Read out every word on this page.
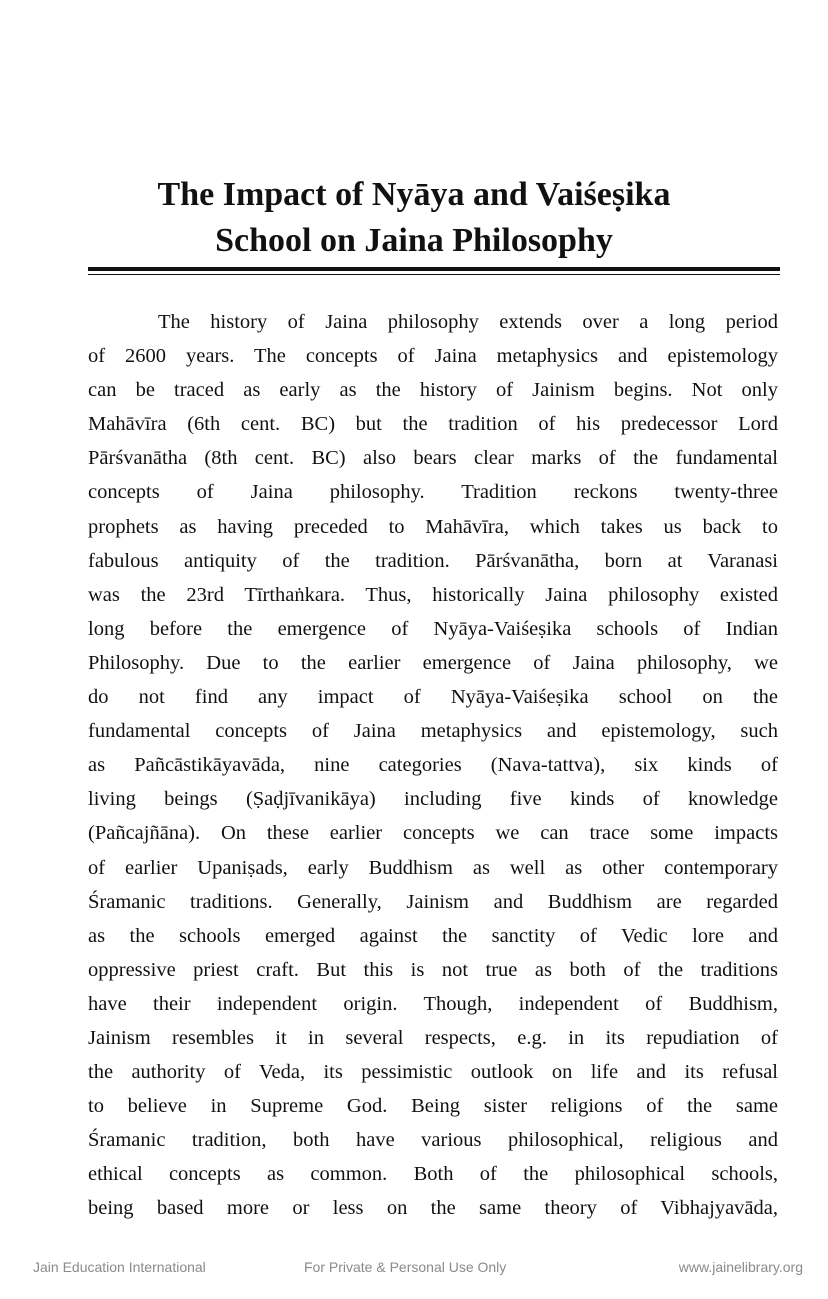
The Impact of Nyāya and Vaiśeṣika
School on Jaina Philosophy
The history of Jaina philosophy extends over a long period
of 2600 years. The concepts of Jaina metaphysics and epistemology
can be traced as early as the history of Jainism begins. Not only
Mahāvīra (6th cent. BC) but the tradition of his predecessor Lord
Pārśvanātha (8th cent. BC) also bears clear marks of the fundamental
concepts of Jaina philosophy. Tradition reckons twenty-three
prophets as having preceded to Mahāvīra, which takes us back to
fabulous antiquity of the tradition. Pārśvanātha, born at Varanasi
was the 23rd Tīrthaṅkara. Thus, historically Jaina philosophy existed
long before the emergence of Nyāya-Vaiśeṣika schools of Indian
Philosophy. Due to the earlier emergence of Jaina philosophy, we
do not find any impact of Nyāya-Vaiśeṣika school on the
fundamental concepts of Jaina metaphysics and epistemology, such
as Pañcāstikāyavāda, nine categories (Nava-tattva), six kinds of
living beings (Ṣaḍjīvanikāya) including five kinds of knowledge
(Pañcajñāna). On these earlier concepts we can trace some impacts
of earlier Upaniṣads, early Buddhism as well as other contemporary
Śramanic traditions. Generally, Jainism and Buddhism are regarded
as the schools emerged against the sanctity of Vedic lore and
oppressive priest craft. But this is not true as both of the traditions
have their independent origin. Though, independent of Buddhism,
Jainism resembles it in several respects, e.g. in its repudiation of
the authority of Veda, its pessimistic outlook on life and its refusal
to believe in Supreme God. Being sister religions of the same
Śramanic tradition, both have various philosophical, religious and
ethical concepts as common. Both of the philosophical schools,
being based more or less on the same theory of Vibhajyavāda,
Jain Education International	For Private & Personal Use Only	www.jainelibrary.org
